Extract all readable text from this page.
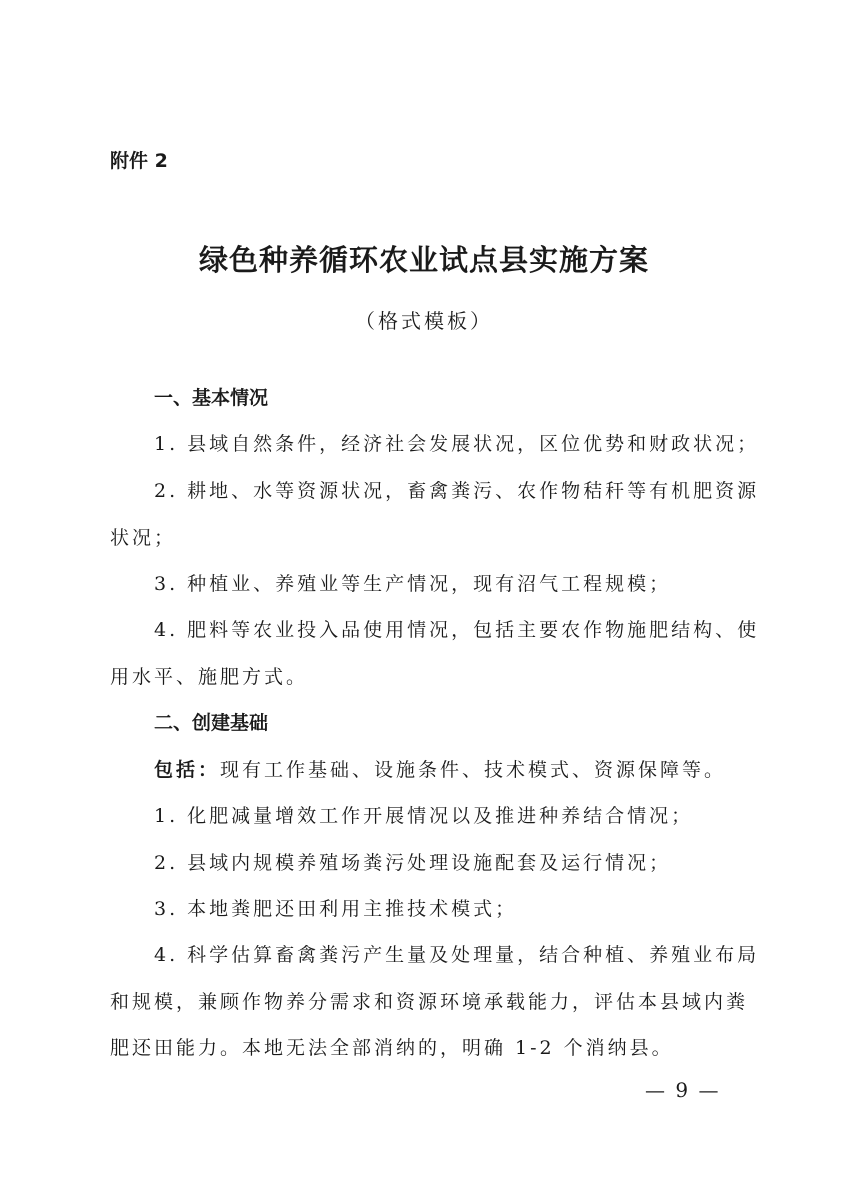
附件 2
绿色种养循环农业试点县实施方案
（格式模板）
一、基本情况
1. 县域自然条件，经济社会发展状况，区位优势和财政状况；
2. 耕地、水等资源状况，畜禽粪污、农作物秸秆等有机肥资源
状况；
3. 种植业、养殖业等生产情况，现有沼气工程规模；
4. 肥料等农业投入品使用情况，包括主要农作物施肥结构、使
用水平、施肥方式。
二、创建基础
包括：现有工作基础、设施条件、技术模式、资源保障等。
1. 化肥减量增效工作开展情况以及推进种养结合情况；
2. 县域内规模养殖场粪污处理设施配套及运行情况；
3. 本地粪肥还田利用主推技术模式；
4. 科学估算畜禽粪污产生量及处理量，结合种植、养殖业布局
和规模，兼顾作物养分需求和资源环境承载能力，评估本县域内粪
肥还田能力。本地无法全部消纳的，明确 1-2 个消纳县。
— 9 —
